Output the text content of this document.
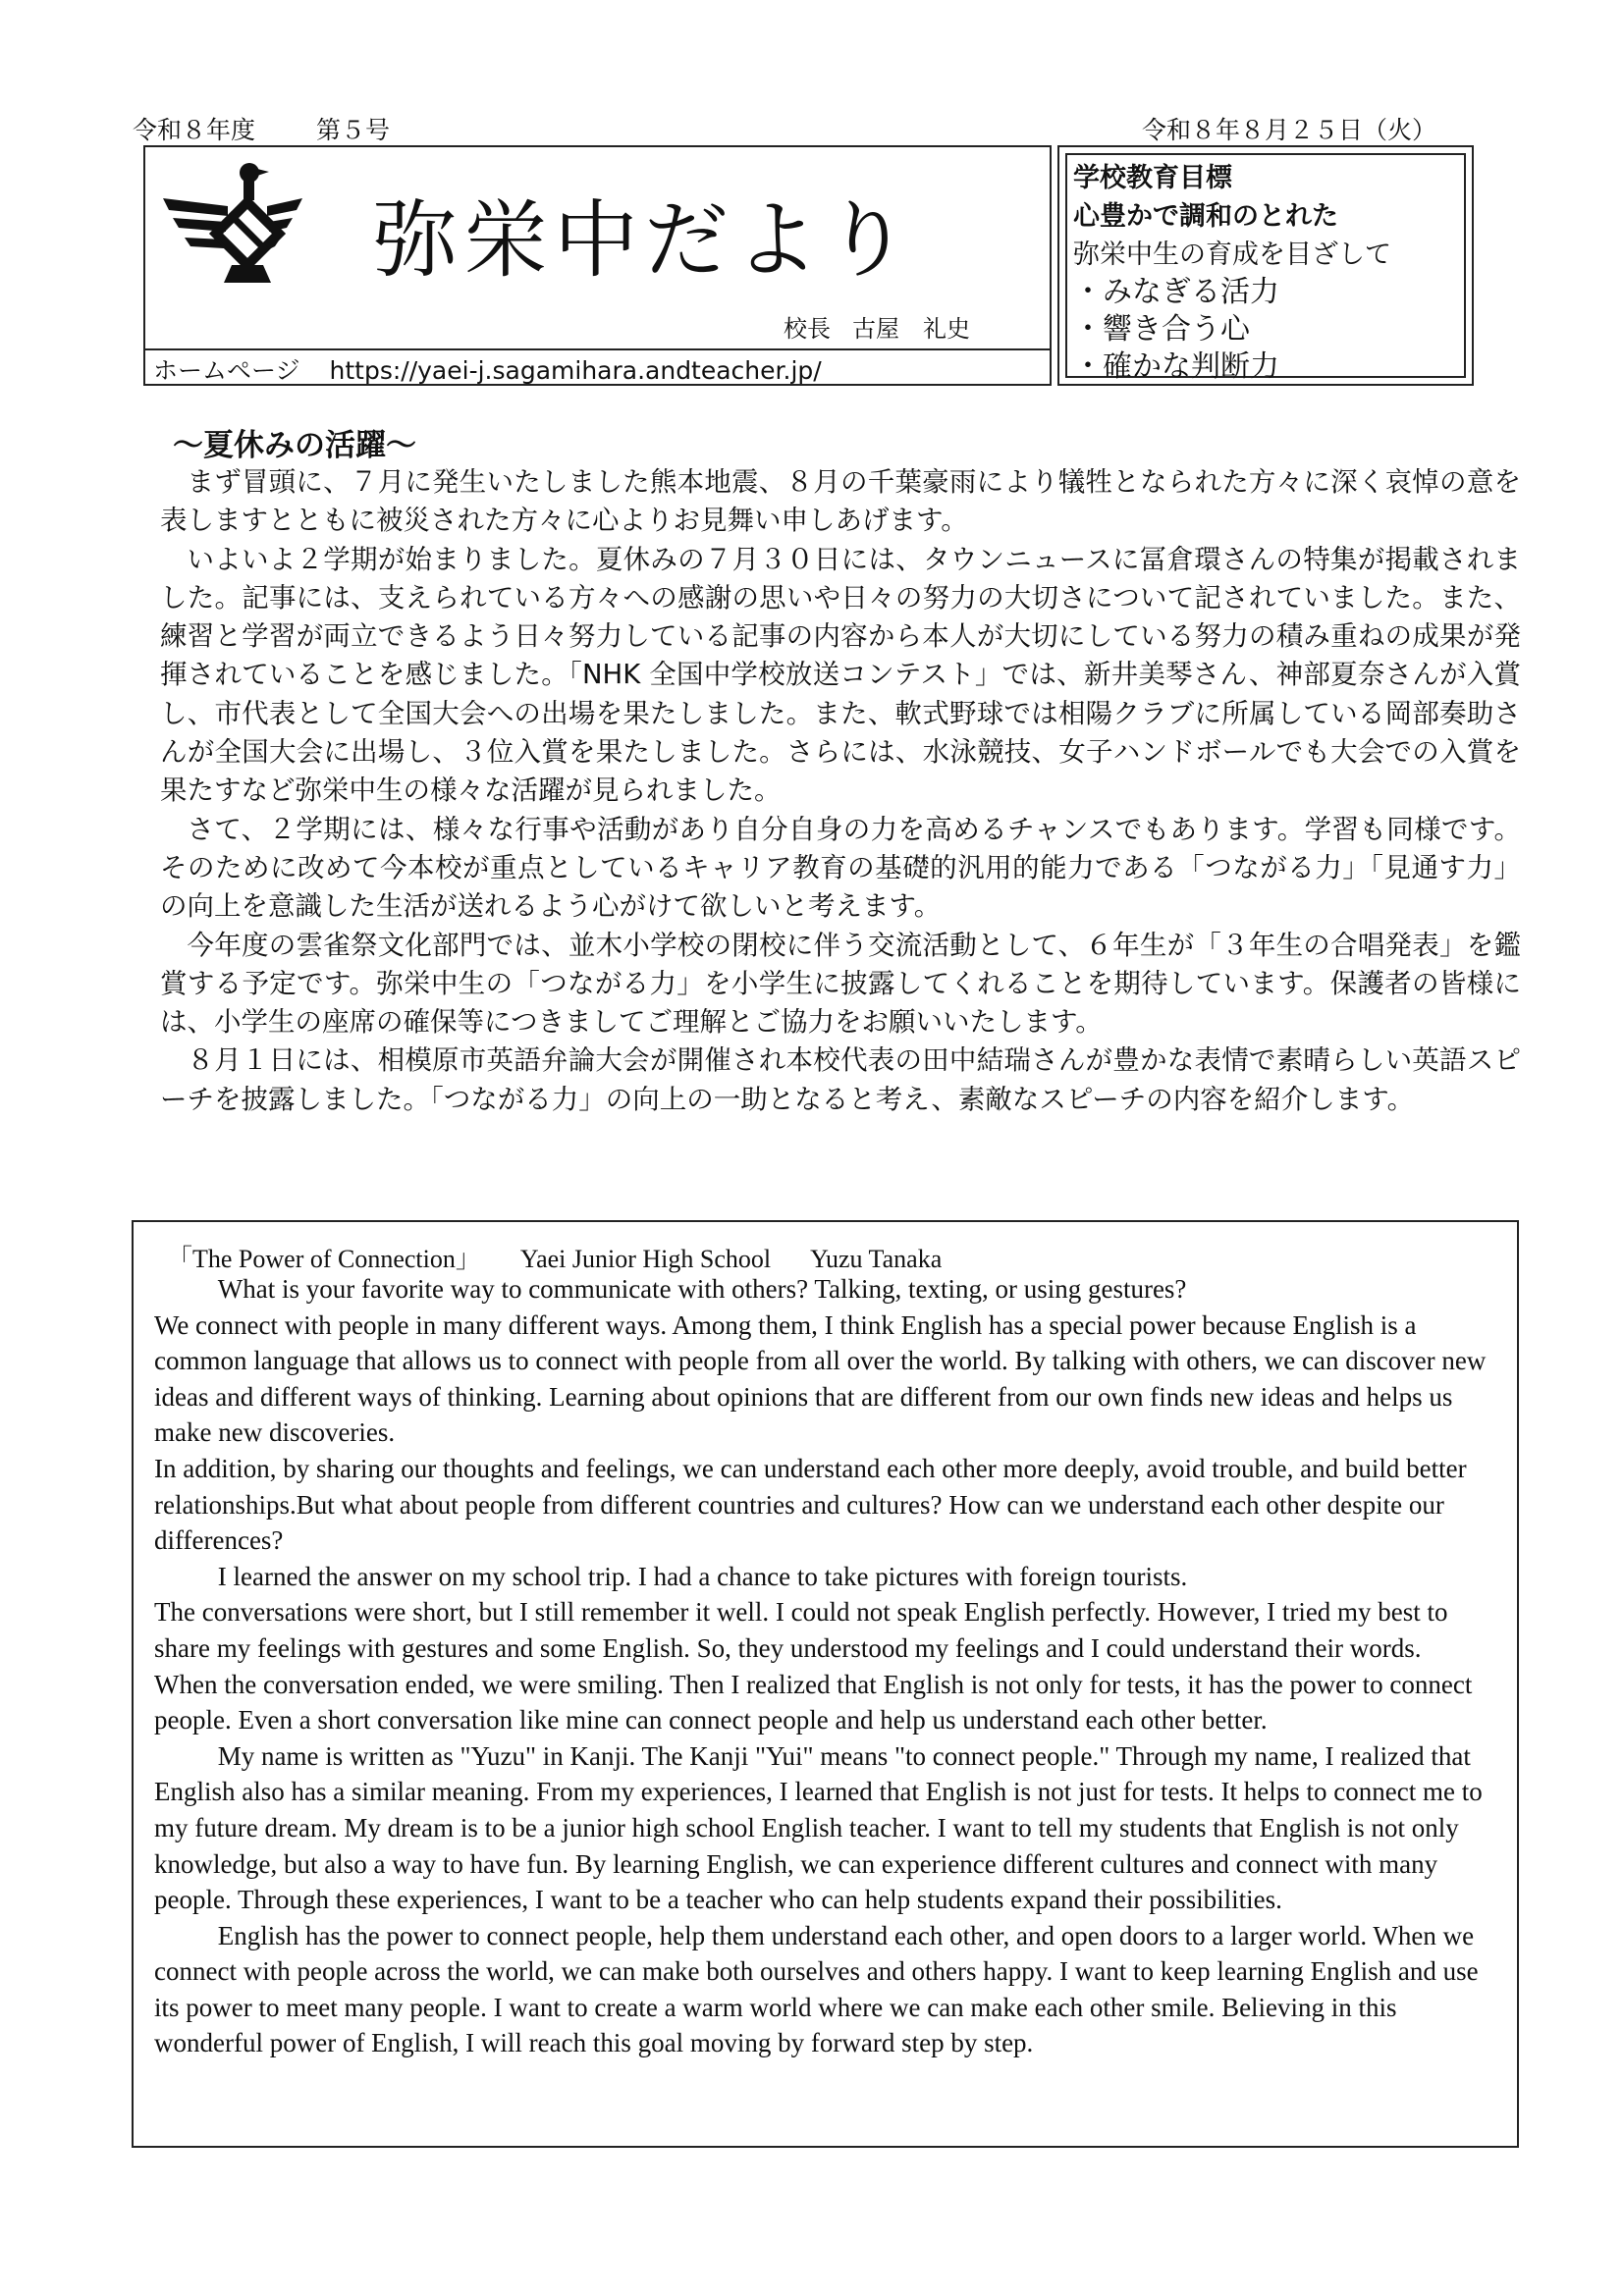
令和８年度 第５号	令和８年８月２５日（火）
弥栄中だより
校長 古屋　礼史
ホームページ https://yaei-j.sagamihara.andteacher.jp/
学校教育目標
心豊かで調和のとれた
弥栄中生の育成を目ざして
・みなぎる活力
・響き合う心
・確かな判断力
～夏休みの活躍～

まず冒頭に、７月に発生いたしました熊本地震、８月の千葉豪雨により犠牲となられた方々に深く哀悼の意を表しますとともに被災された方々に心よりお見舞い申しあげます。

いよいよ２学期が始まりました。夏休みの７月３０日には、タウンニュースに冨倉環さんの特集が掲載されました。記事には、支えられている方々への感謝の思いや日々の努力の大切さについて記されていました。また、練習と学習が両立できるよう日々努力している記事の内容から本人が大切にしている努力の積み重ねの成果が発揮されていることを感じました。「NHK 全国中学校放送コンテスト」では、新井美琴さん、神部夏奈さんが入賞し、市代表として全国大会への出場を果たしました。また、軟式野球では相陽クラブに所属している岡部奏助さんが全国大会に出場し、３位入賞を果たしました。さらには、水泳競技、女子ハンドボールでも大会での入賞を果たすなど弥栄中生の様々な活躍が見られました。

さて、２学期には、様々な行事や活動があり自分自身の力を高めるチャンスでもあります。学習も同様です。そのために改めて今本校が重点としているキャリア教育の基礎的汎用的能力である「つながる力」「見通す力」の向上を意識した生活が送れるよう心がけて欲しいと考えます。

今年度の雲雀祭文化部門では、並木小学校の閉校に伴う交流活動として、６年生が「３年生の合唱発表」を鑑賞する予定です。弥栄中生の「つながる力」を小学生に披露してくれることを期待しています。保護者の皆様には、小学生の座席の確保等につきましてご理解とご協力をお願いいたします。

８月１日には、相模原市英語弁論大会が開催され本校代表の田中結瑞さんが豊かな表情で素晴らしい英語スピーチを披露しました。「つながる力」の向上の一助となると考え、素敵なスピーチの内容を紹介します。

「The Power of Connection」 Yaei Junior High School Yuzu Tanaka

What is your favorite way to communicate with others? Talking, texting, or using gestures?

We connect with people in many different ways. Among them, I think English has a special power because English is a common language that allows us to connect with people from all over the world. By talking with others, we can discover new ideas and different ways of thinking. Learning about opinions that are different from our own finds new ideas and helps us make new discoveries.

In addition, by sharing our thoughts and feelings, we can understand each other more deeply, avoid trouble, and build better relationships.But what about people from different countries and cultures? How can we understand each other despite our differences?

I learned the answer on my school trip. I had a chance to take pictures with foreign tourists.

The conversations were short, but I still remember it well. I could not speak English perfectly. However, I tried my best to share my feelings with gestures and some English. So, they understood my feelings and I could understand their words. When the conversation ended, we were smiling. Then I realized that English is not only for tests, it has the power to connect people. Even a short conversation like mine can connect people and help us understand each other better.

My name is written as "Yuzu" in Kanji. The Kanji "Yui" means "to connect people." Through my name, I realized that English also has a similar meaning. From my experiences, I learned that English is not just for tests. It helps to connect me to my future dream. My dream is to be a junior high school English teacher. I want to tell my students that English is not only knowledge, but also a way to have fun. By learning English, we can experience different cultures and connect with many people. Through these experiences, I want to be a teacher who can help students expand their possibilities.

English has the power to connect people, help them understand each other, and open doors to a larger world. When we connect with people across the world, we can make both ourselves and others happy. I want to keep learning English and use its power to meet many people. I want to create a warm world where we can make each other smile. Believing in this wonderful power of English, I will reach this goal moving by forward step by step.
